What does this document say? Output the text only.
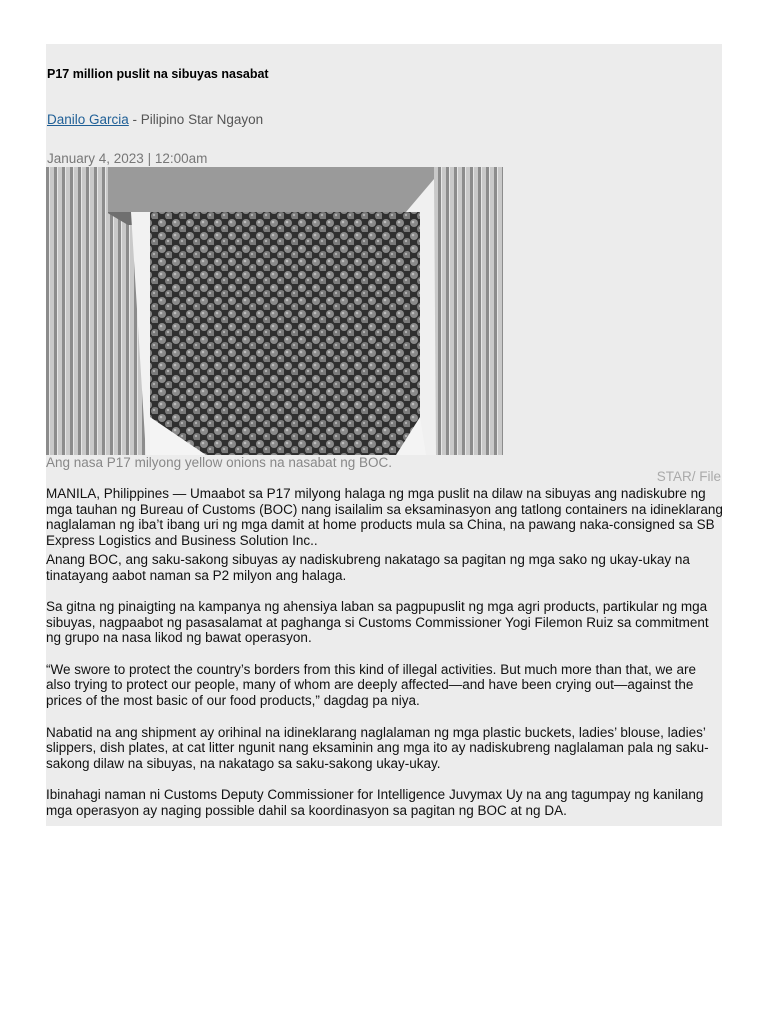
P17 million puslit na sibuyas nasabat
Danilo Garcia - Pilipino Star Ngayon
January 4, 2023 | 12:00am
Ang nasa P17 milyong yellow onions na nasabat ng BOC.
STAR/ File

MANILA, Philippines — Umaabot sa P17 milyong halaga ng mga puslit na dilaw na sibuyas ang nadiskubre ng mga tauhan ng Bureau of Customs (BOC) nang isailalim sa eksaminasyon ang tatlong containers na idineklarang naglalaman ng iba’t ibang uri ng mga damit at home products mula sa China, na pawang naka-consigned sa SB Express Logistics and Business Solution Inc..

Anang BOC, ang saku-sakong sibuyas ay nadiskubreng nakatago sa pagitan ng mga sako ng ukay-ukay na tinatayang aabot naman sa P2 milyon ang halaga.

Sa gitna ng pinaigting na kampanya ng ahensiya laban sa pagpupuslit ng mga agri products, partikular ng mga sibuyas, nagpaabot ng pasasalamat at paghanga si Customs Commissioner Yogi Filemon Ruiz sa commitment ng grupo na nasa likod ng bawat operasyon.

“We swore to protect the country’s borders from this kind of illegal activities. But much more than that, we are also trying to protect our people, many of whom are deeply affected—and have been crying out—against the prices of the most basic of our food products,” dagdag pa niya.

Nabatid na ang shipment ay orihinal na idineklarang naglalaman ng mga plastic buckets, ladies’ blouse, ladies’ slippers, dish plates, at cat litter ngunit nang eksaminin ang mga ito ay nadiskubreng naglalaman pala ng saku-sakong dilaw na sibuyas, na nakatago sa saku-sakong ukay-ukay.

Ibinahagi naman ni Customs Deputy Commissioner for Intelligence Juvymax Uy na ang tagumpay ng kanilang mga operasyon ay naging possible dahil sa koordinasyon sa pagitan ng BOC at ng DA.
